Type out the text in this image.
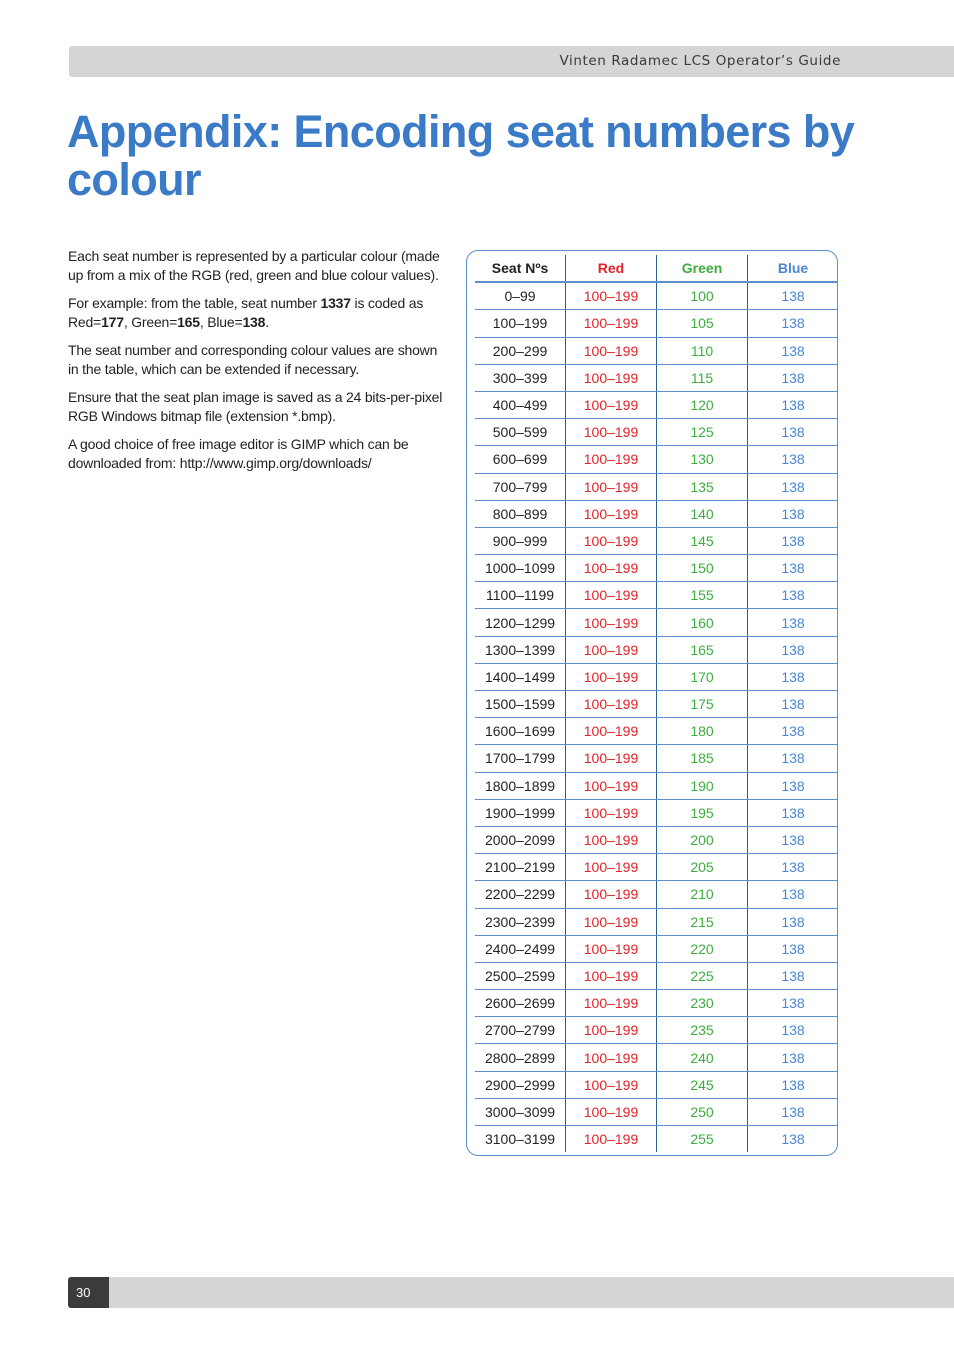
Vinten Radamec LCS Operator’s Guide
Appendix: Encoding seat numbers by colour

Each seat number is represented by a particular colour (made up from a mix of the RGB (red, green and blue colour values).

For example: from the table, seat number 1337 is coded as Red=177, Green=165, Blue=138.

The seat number and corresponding colour values are shown in the table, which can be extended if necessary.

Ensure that the seat plan image is saved as a 24 bits-per-pixel RGB Windows bitmap file (extension *.bmp).

A good choice of free image editor is GIMP which can be downloaded from: http://www.gimp.org/downloads/

Seat Nºs	Red	Green	Blue
0–99	100–199	100	138
100–199	100–199	105	138
200–299	100–199	110	138
300–399	100–199	115	138
400–499	100–199	120	138
500–599	100–199	125	138
600–699	100–199	130	138
700–799	100–199	135	138
800–899	100–199	140	138
900–999	100–199	145	138
1000–1099	100–199	150	138
1100–1199	100–199	155	138
1200–1299	100–199	160	138
1300–1399	100–199	165	138
1400–1499	100–199	170	138
1500–1599	100–199	175	138
1600–1699	100–199	180	138
1700–1799	100–199	185	138
1800–1899	100–199	190	138
1900–1999	100–199	195	138
2000–2099	100–199	200	138
2100–2199	100–199	205	138
2200–2299	100–199	210	138
2300–2399	100–199	215	138
2400–2499	100–199	220	138
2500–2599	100–199	225	138
2600–2699	100–199	230	138
2700–2799	100–199	235	138
2800–2899	100–199	240	138
2900–2999	100–199	245	138
3000–3099	100–199	250	138
3100–3199	100–199	255	138
30
